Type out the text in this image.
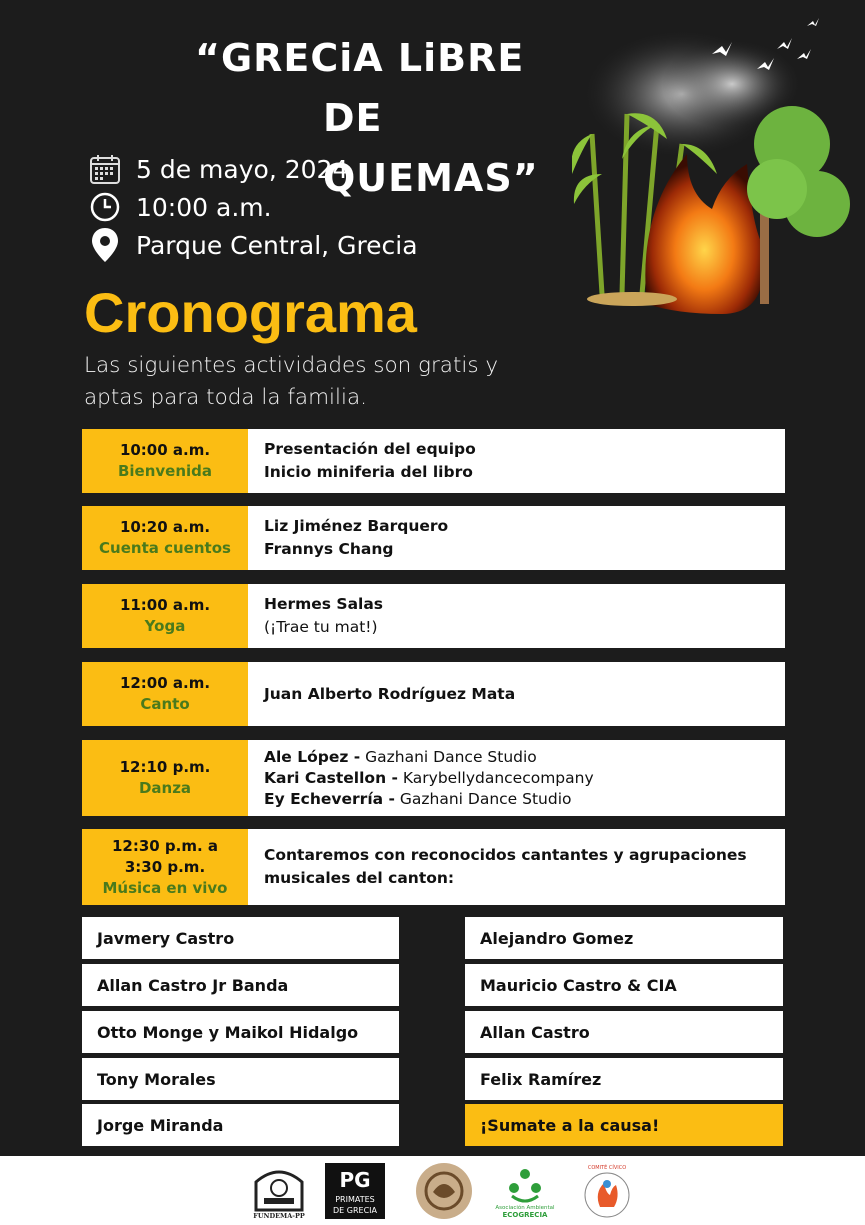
“GRECiA LiBRE
DE QUEMAS”
5 de mayo, 2024
10:00 a.m.
Parque Central, Grecia
Cronograma
Las siguientes actividades son gratis y aptas para toda la familia.
10:00 a.m.
Bienvenida
Presentación del equipo
Inicio miniferia del libro
10:20 a.m.
Cuenta cuentos
Liz Jiménez Barquero
Frannys Chang
11:00 a.m.
Yoga
Hermes Salas
(¡Trae tu mat!)
12:00 a.m.
Canto
Juan Alberto Rodríguez Mata
12:10 p.m.
Danza
Ale López - Gazhani Dance Studio
Kari Castellon - Karybellydancecompany
Ey Echeverría - Gazhani Dance Studio
12:30 p.m. a
3:30 p.m.
Música en vivo
Contaremos con reconocidos cantantes y agrupaciones
musicales del canton:
Javmery Castro
Allan Castro Jr Banda
Otto Monge y Maikol Hidalgo
Tony Morales
Jorge Miranda
Alejandro Gomez
Mauricio Castro & CIA
Allan Castro
Felix Ramírez
¡Sumate a la causa!
FUNDEMA-PP
PG
PRIMATES
DE GRECIA	Asociación Ambiental
ECOGRECIA
COMITÉ CÍVICO
